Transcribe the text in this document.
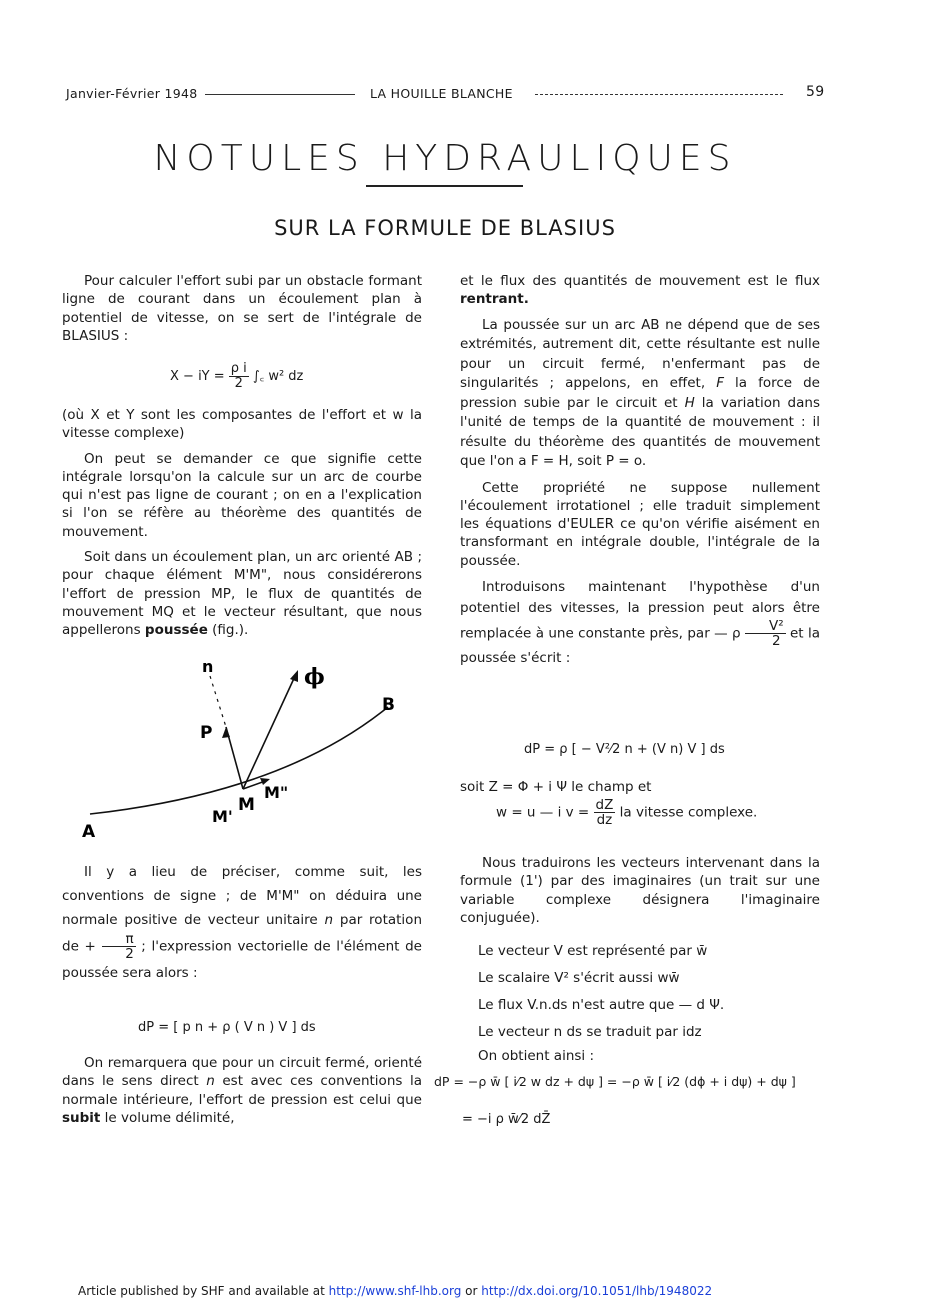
Janvier-Février 1948	LA HOUILLE BLANCHE	59
NOTULES HYDRAULIQUES
SUR LA FORMULE DE BLASIUS

Pour calculer l'effort subi par un obstacle formant ligne de courant dans un écoulement plan à potentiel de vitesse, on se sert de l'intégrale de BLASIUS :

X − iY = $\frac{\text{ρ i}}{2}$ ∫꜀ w² dz

(où X et Y sont les composantes de l'effort et w la vitesse complexe)

On peut se demander ce que signifie cette intégrale lorsqu'on la calcule sur un arc de courbe qui n'est pas ligne de courant ; on en a l'explication si l'on se réfère au théorème des quantités de mouvement.

Soit dans un écoulement plan, un arc orienté AB ; pour chaque élément M'M", nous considérerons l'effort de pression MP, le flux de quantités de mouvement MQ et le vecteur résultant, que nous appellerons poussée (fig.).

n	ϕ
B
P
M
M'
M"
A

Il y a lieu de préciser, comme suit, les conventions de signe ; de M'M" on déduira une normale positive de vecteur unitaire n par rotation de + $\frac{\pi}{2}$ ; l'expression vectorielle de l'élément de poussée sera alors :

dP = [ p n + ρ ( V n ) V ] ds

On remarquera que pour un circuit fermé, orienté dans le sens direct n est avec ces conventions la normale intérieure, l'effort de pression est celui que subit le volume délimité,

et le flux des quantités de mouvement est le flux rentrant.

La poussée sur un arc AB ne dépend que de ses extrémités, autrement dit, cette résultante est nulle pour un circuit fermé, n'enfermant pas de singularités ; appelons, en effet, F la force de pression subie par le circuit et H la variation dans l'unité de temps de la quantité de mouvement : il résulte du théorème des quantités de mouvement que l'on a F = H, soit P = o.

Cette propriété ne suppose nullement l'écoulement irrotationel ; elle traduit simplement les équations d'EULER ce qu'on vérifie aisément en transformant en intégrale double, l'intégrale de la poussée.

Introduisons maintenant l'hypothèse d'un potentiel des vitesses, la pression peut alors être remplacée à une constante près, par — ρ $\frac{\text{V²}}{2}$ et la poussée s'écrit :

dP = ρ [ − V²⁄2 n + (V n) V ] ds

soit Z = Φ + i Ψ le champ et

w = u — i $v = \frac{dZ}{dz}$ la vitesse complexe.

Nous traduirons les vecteurs intervenant dans la formule (1') par des imaginaires (un trait sur une variable complexe désignera l'imaginaire conjuguée).

Le vecteur V est représenté par w̄
Le scalaire V² s'écrit aussi ww̄
Le flux V.n.ds n'est autre que — d Ψ.
Le vecteur n ds se traduit par idz
On obtient ainsi :
dP = −ρ w̄ [ i⁄2 w dz + dψ ] = −ρ w̄ [ i⁄2 (dϕ + i dψ) + dψ ]
= −i ρ w̄⁄2 dZ̄
Article published by SHF and available at http://www.shf-lhb.org or http://dx.doi.org/10.1051/lhb/1948022
